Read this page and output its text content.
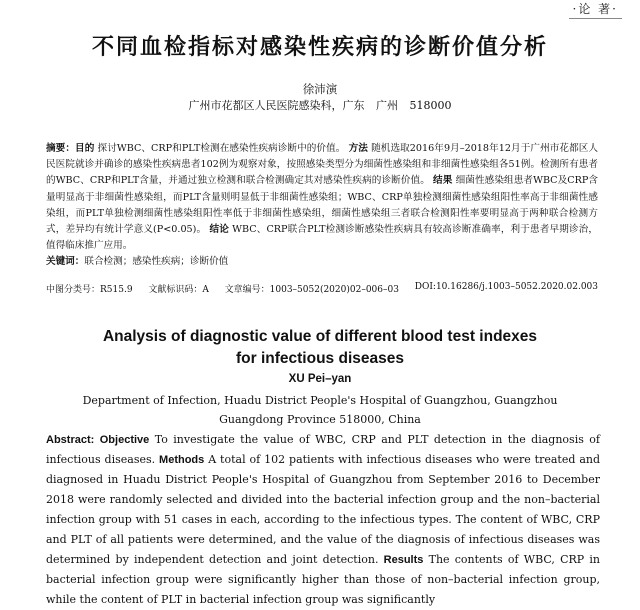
·论 著·
不同血检指标对感染性疾病的诊断价值分析
徐沛演
广州市花都区人民医院感染科，广东 广州 518000
摘要：目的 探讨WBC、CRP和PLT检测在感染性疾病诊断中的价值。 方法 随机选取2016年9月–2018年12月于广州市花都区人民医院就诊并确诊的感染性疾病患者102例为观察对象，按照感染类型分为细菌性感染组和非细菌性感染组各51例。检测所有患者的WBC、CRP和PLT含量，并通过独立检测和联合检测确定其对感染性疾病的诊断价值。 结果 细菌性感染组患者WBC及CRP含量明显高于非细菌性感染组，而PLT含量则明显低于非细菌性感染组；WBC、CRP单独检测细菌性感染组阳性率高于非细菌性感染组，而PLT单独检测细菌性感染组阳性率低于非细菌性感染组，细菌性感染组三者联合检测阳性率要明显高于两种联合检测方式，差异均有统计学意义(P<0.05)。 结论 WBC、CRP联合PLT检测诊断感染性疾病具有较高诊断准确率，利于患者早期诊治，值得临床推广应用。
关键词：联合检测；感染性疾病；诊断价值
中图分类号：R515.9 文献标识码：A 文章编号：1003–5052(2020)02–006–03 DOI:10.16286/j.1003–5052.2020.02.003
Analysis of diagnostic value of different blood test indexes
for infectious diseases
XU Pei–yan
Department of Infection, Huadu District People's Hospital of Guangzhou, Guangzhou Guangdong Province 518000, China
Abstract: Objective To investigate the value of WBC, CRP and PLT detection in the diagnosis of infectious diseases. Methods A total of 102 patients with infectious diseases who were treated and diagnosed in Huadu District People's Hospital of Guangzhou from September 2016 to December 2018 were randomly selected and divided into the bacterial infection group and the non–bacterial infection group with 51 cases in each, according to the infectious types. The content of WBC, CRP and PLT of all patients were determined, and the value of the diagnosis of infectious diseases was determined by independent detection and joint detection. Results The contents of WBC, CRP in bacterial infection group were significantly higher than those of non–bacterial infection group, while the content of PLT in bacterial infection group was significantly
